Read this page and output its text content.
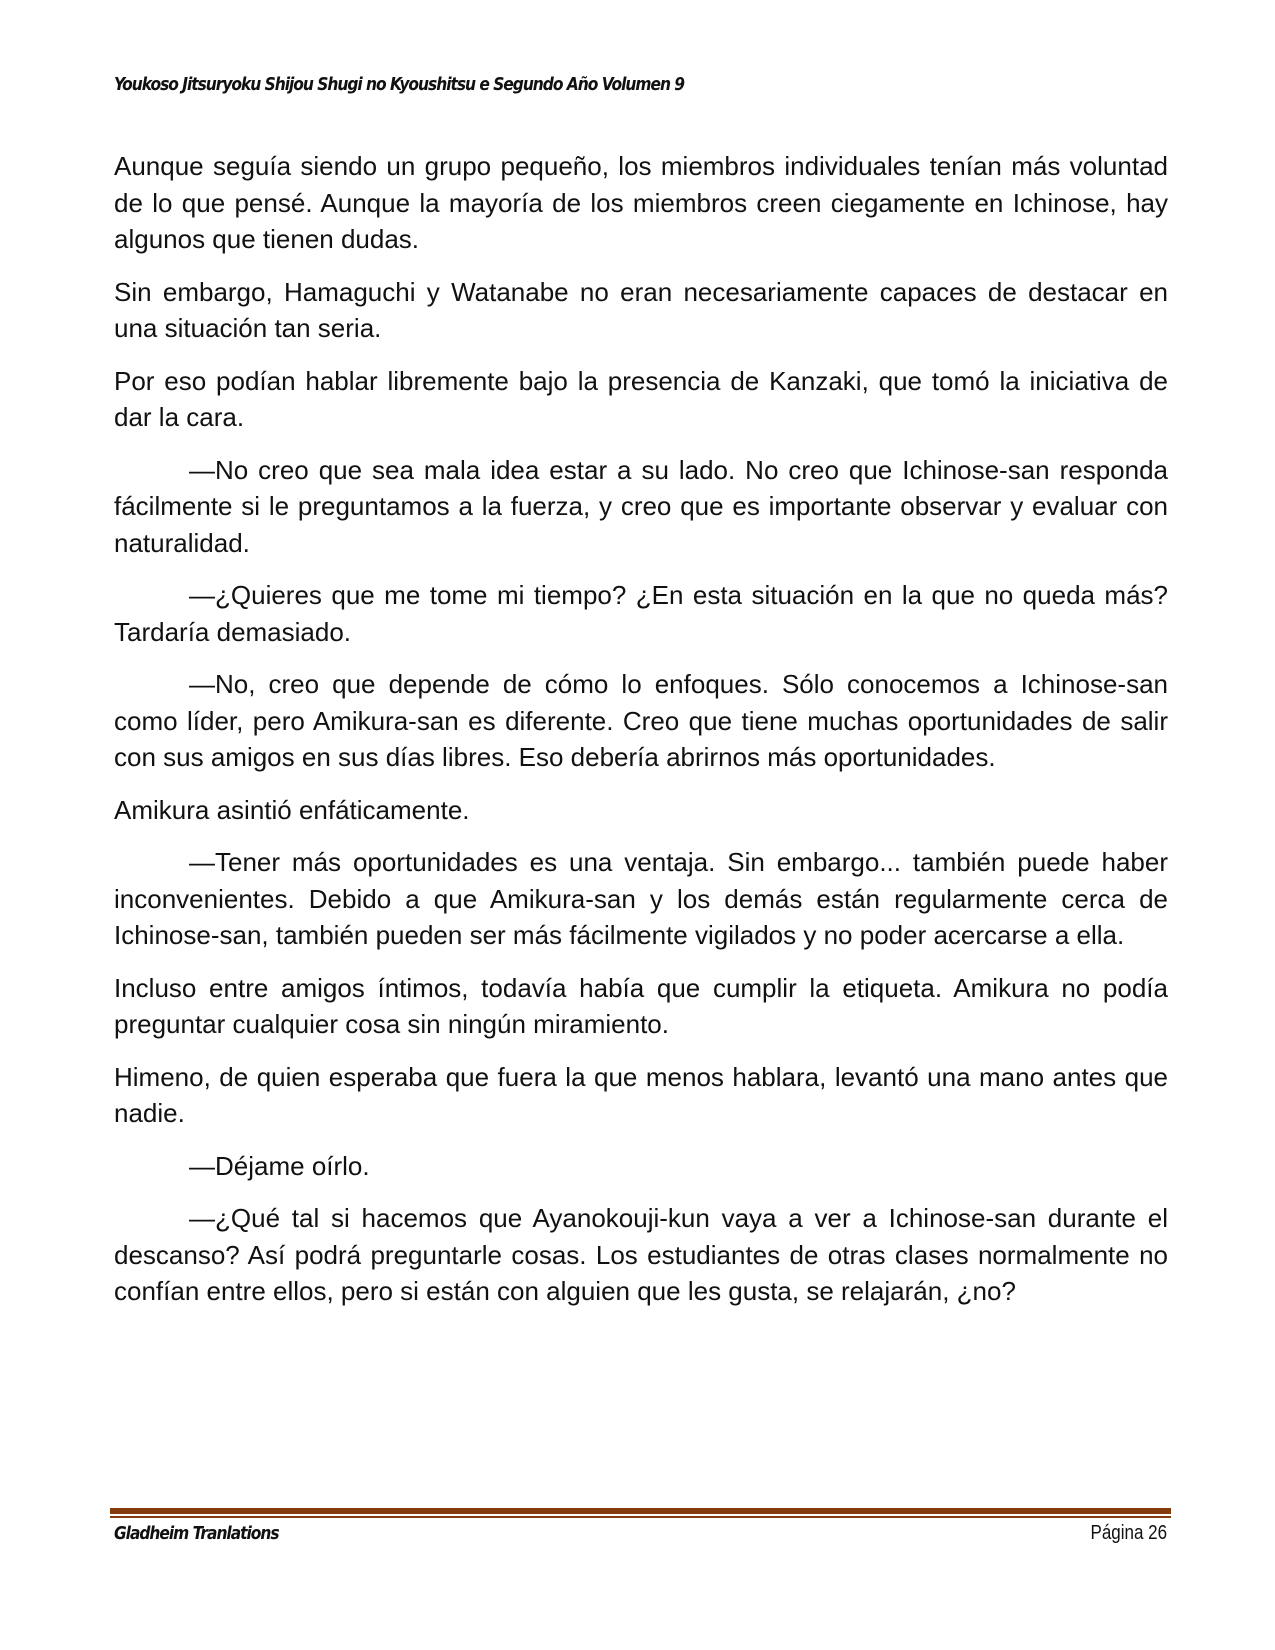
Youkoso Jitsuryoku Shijou Shugi no Kyoushitsu e Segundo Año Volumen 9

Aunque seguía siendo un grupo pequeño, los miembros individuales tenían más voluntad de lo que pensé. Aunque la mayoría de los miembros creen ciegamente en Ichinose, hay algunos que tienen dudas.

Sin embargo, Hamaguchi y Watanabe no eran necesariamente capaces de destacar en una situación tan seria.

Por eso podían hablar libremente bajo la presencia de Kanzaki, que tomó la iniciativa de dar la cara.

—No creo que sea mala idea estar a su lado. No creo que Ichinose-san responda fácilmente si le preguntamos a la fuerza, y creo que es importante observar y evaluar con naturalidad.

—¿Quieres que me tome mi tiempo? ¿En esta situación en la que no queda más? Tardaría demasiado.

—No, creo que depende de cómo lo enfoques. Sólo conocemos a Ichinose-san como líder, pero Amikura-san es diferente. Creo que tiene muchas oportunidades de salir con sus amigos en sus días libres. Eso debería abrirnos más oportunidades.

Amikura asintió enfáticamente.

—Tener más oportunidades es una ventaja. Sin embargo... también puede haber inconvenientes. Debido a que Amikura-san y los demás están regularmente cerca de Ichinose-san, también pueden ser más fácilmente vigilados y no poder acercarse a ella.

Incluso entre amigos íntimos, todavía había que cumplir la etiqueta. Amikura no podía preguntar cualquier cosa sin ningún miramiento.

Himeno, de quien esperaba que fuera la que menos hablara, levantó una mano antes que nadie.

—Déjame oírlo.

—¿Qué tal si hacemos que Ayanokouji-kun vaya a ver a Ichinose-san durante el descanso? Así podrá preguntarle cosas. Los estudiantes de otras clases normalmente no confían entre ellos, pero si están con alguien que les gusta, se relajarán, ¿no?

Gladheim Tranlations	Página 26
